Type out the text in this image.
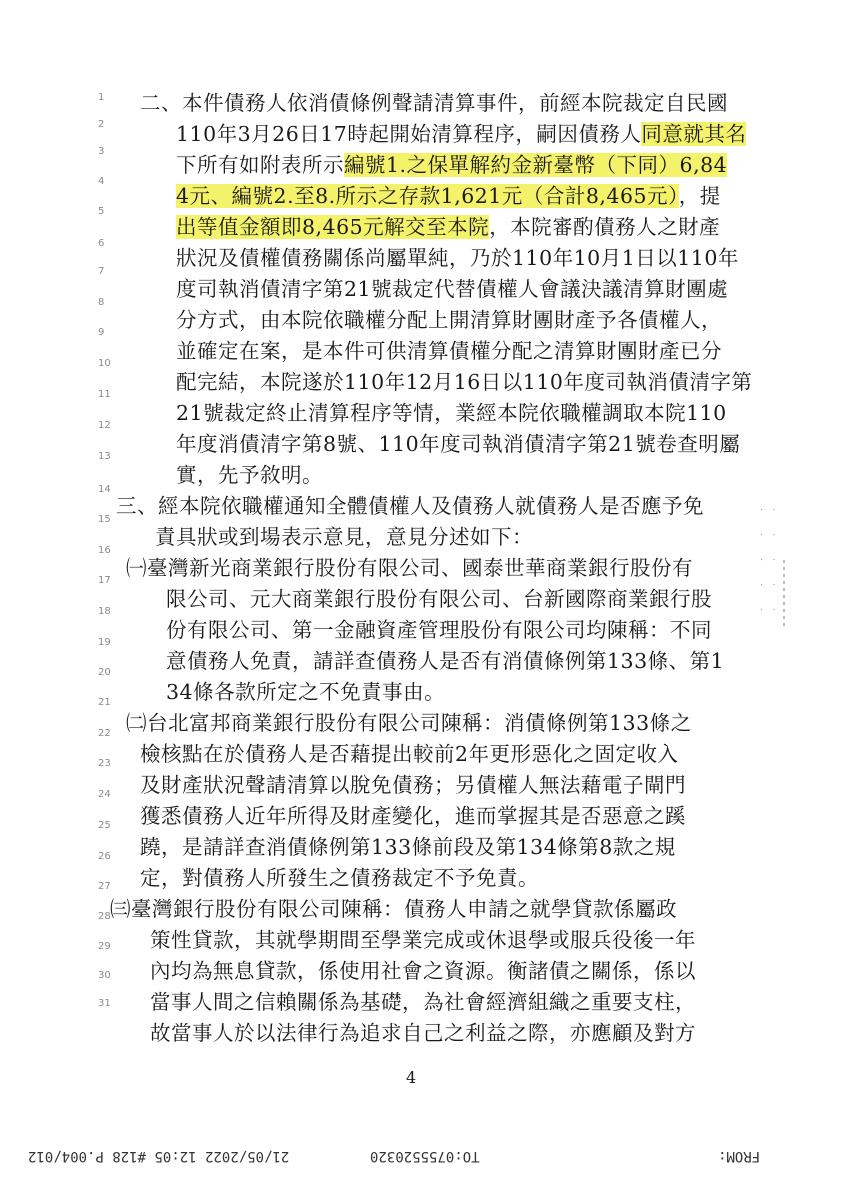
1
2
3
4
5
6
7
8
9
10
11
12
13
14
15
16
17
18
19
20
21
22
23
24
25
26
27
28
29
30
31
二、本件債務人依消債條例聲請清算事件，前經本院裁定自民國
110年3月26日17時起開始清算程序，嗣因債務人同意就其名
下所有如附表所示編號1.之保單解約金新臺幣（下同）6,84
4元、編號2.至8.所示之存款1,621元（合計8,465元），提
出等值金額即8,465元解交至本院，本院審酌債務人之財產
狀況及債權債務關係尚屬單純，乃於110年10月1日以110年
度司執消債清字第21號裁定代替債權人會議決議清算財團處
分方式，由本院依職權分配上開清算財團財產予各債權人，
並確定在案，是本件可供清算債權分配之清算財團財產已分
配完結，本院遂於110年12月16日以110年度司執消債清字第
21號裁定終止清算程序等情，業經本院依職權調取本院110
年度消債清字第8號、110年度司執消債清字第21號卷查明屬
實，先予敘明。
三、經本院依職權通知全體債權人及債務人就債務人是否應予免
責具狀或到場表示意見，意見分述如下：
㈠臺灣新光商業銀行股份有限公司、國泰世華商業銀行股份有
限公司、元大商業銀行股份有限公司、台新國際商業銀行股
份有限公司、第一金融資產管理股份有限公司均陳稱：不同
意債務人免責，請詳查債務人是否有消債條例第133條、第1
34條各款所定之不免責事由。
㈡台北富邦商業銀行股份有限公司陳稱：消債條例第133條之
檢核點在於債務人是否藉提出較前2年更形惡化之固定收入
及財產狀況聲請清算以脫免債務；另債權人無法藉電子閘門
獲悉債務人近年所得及財產變化，進而掌握其是否惡意之蹊
蹺，是請詳查消債條例第133條前段及第134條第8款之規
定，對債務人所發生之債務裁定不予免責。
㈢臺灣銀行股份有限公司陳稱：債務人申請之就學貸款係屬政
策性貸款，其就學期間至學業完成或休退學或服兵役後一年
內均為無息貸款，係使用社會之資源。衡諸債之關係，係以
當事人間之信賴關係為基礎，為社會經濟組織之重要支柱，
故當事人於以法律行為追求自己之利益之際，亦應顧及對方
4
⋅ ⋅
⋅ ⋅
⋅ ⋅
⋅ ⋅
⋅ ⋅
21/05/2022 12:05 #128 P.004/012	TO:0755520320	FROM:
